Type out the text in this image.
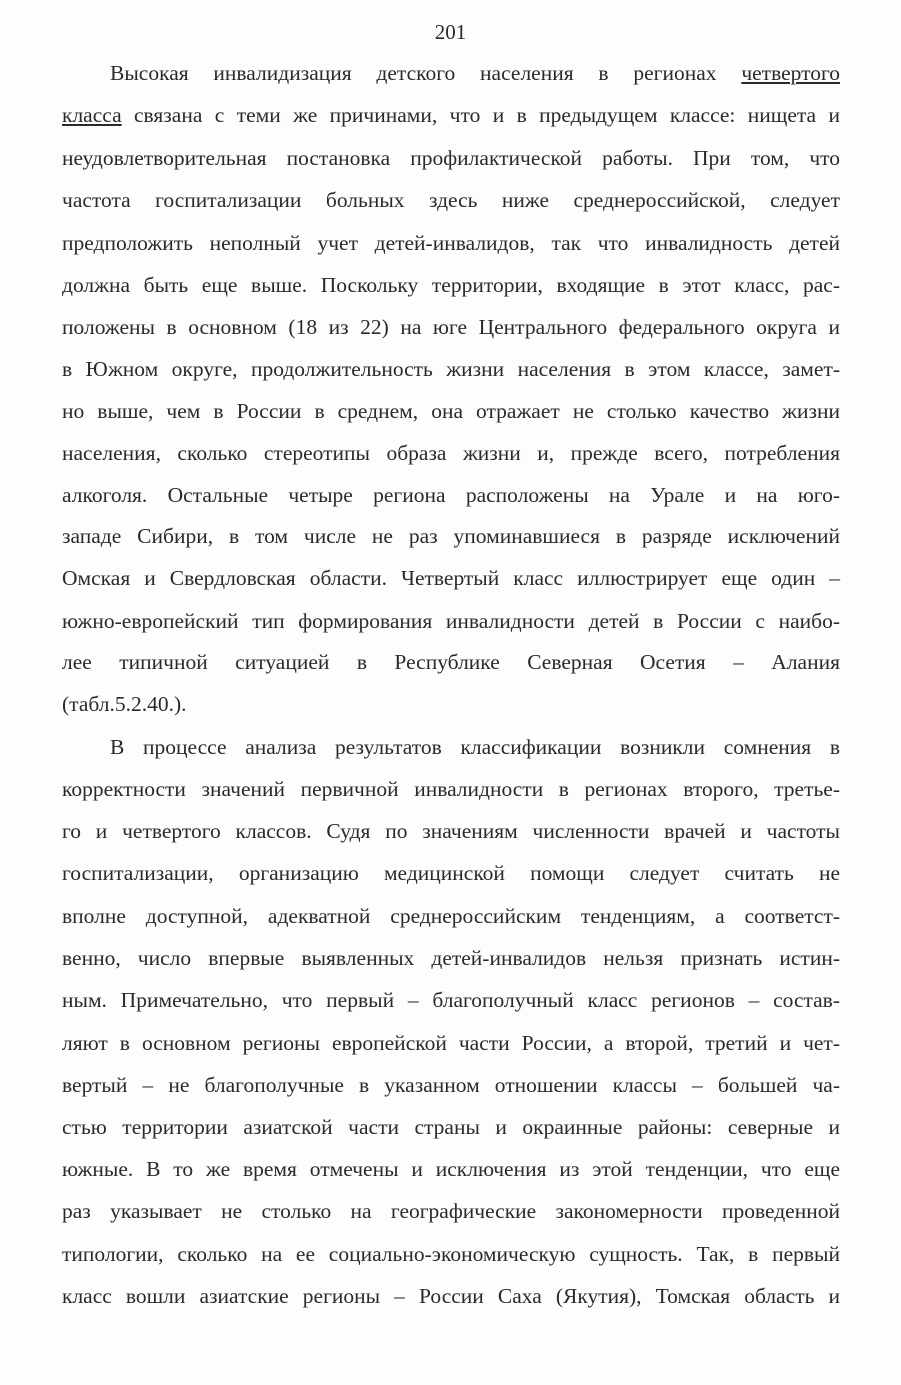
201
Высокая инвалидизация детского населения в регионах четвертого
класса связана с теми же причинами, что и в предыдущем классе: нищета и
неудовлетворительная постановка профилактической работы. При том, что
частота госпитализации больных здесь ниже среднероссийской, следует
предположить неполный учет детей-инвалидов, так что инвалидность детей
должна быть еще выше. Поскольку территории, входящие в этот класс, рас-
положены в основном (18 из 22) на юге Центрального федерального округа и
в Южном округе, продолжительность жизни населения в этом классе, замет-
но выше, чем в России в среднем, она отражает не столько качество жизни
населения, сколько стереотипы образа жизни и, прежде всего, потребления
алкоголя. Остальные четыре региона расположены на Урале и на юго-
западе Сибири, в том числе не раз упоминавшиеся в разряде исключений
Омская и Свердловская области. Четвертый класс иллюстрирует еще один –
южно-европейский тип формирования инвалидности детей в России с наибо-
лее типичной ситуацией в Республике Северная Осетия – Алания
(табл.5.2.40.).
В процессе анализа результатов классификации возникли сомнения в
корректности значений первичной инвалидности в регионах второго, третье-
го и четвертого классов. Судя по значениям численности врачей и частоты
госпитализации, организацию медицинской помощи следует считать не
вполне доступной, адекватной среднероссийским тенденциям, а соответст-
венно, число впервые выявленных детей-инвалидов нельзя признать истин-
ным. Примечательно, что первый – благополучный класс регионов – состав-
ляют в основном регионы европейской части России, а второй, третий и чет-
вертый – не благополучные в указанном отношении классы – большей ча-
стью территории азиатской части страны и окраинные районы: северные и
южные. В то же время отмечены и исключения из этой тенденции, что еще
раз указывает не столько на географические закономерности проведенной
типологии, сколько на ее социально-экономическую сущность. Так, в первый
класс вошли азиатские регионы – России Саха (Якутия), Томская область и
